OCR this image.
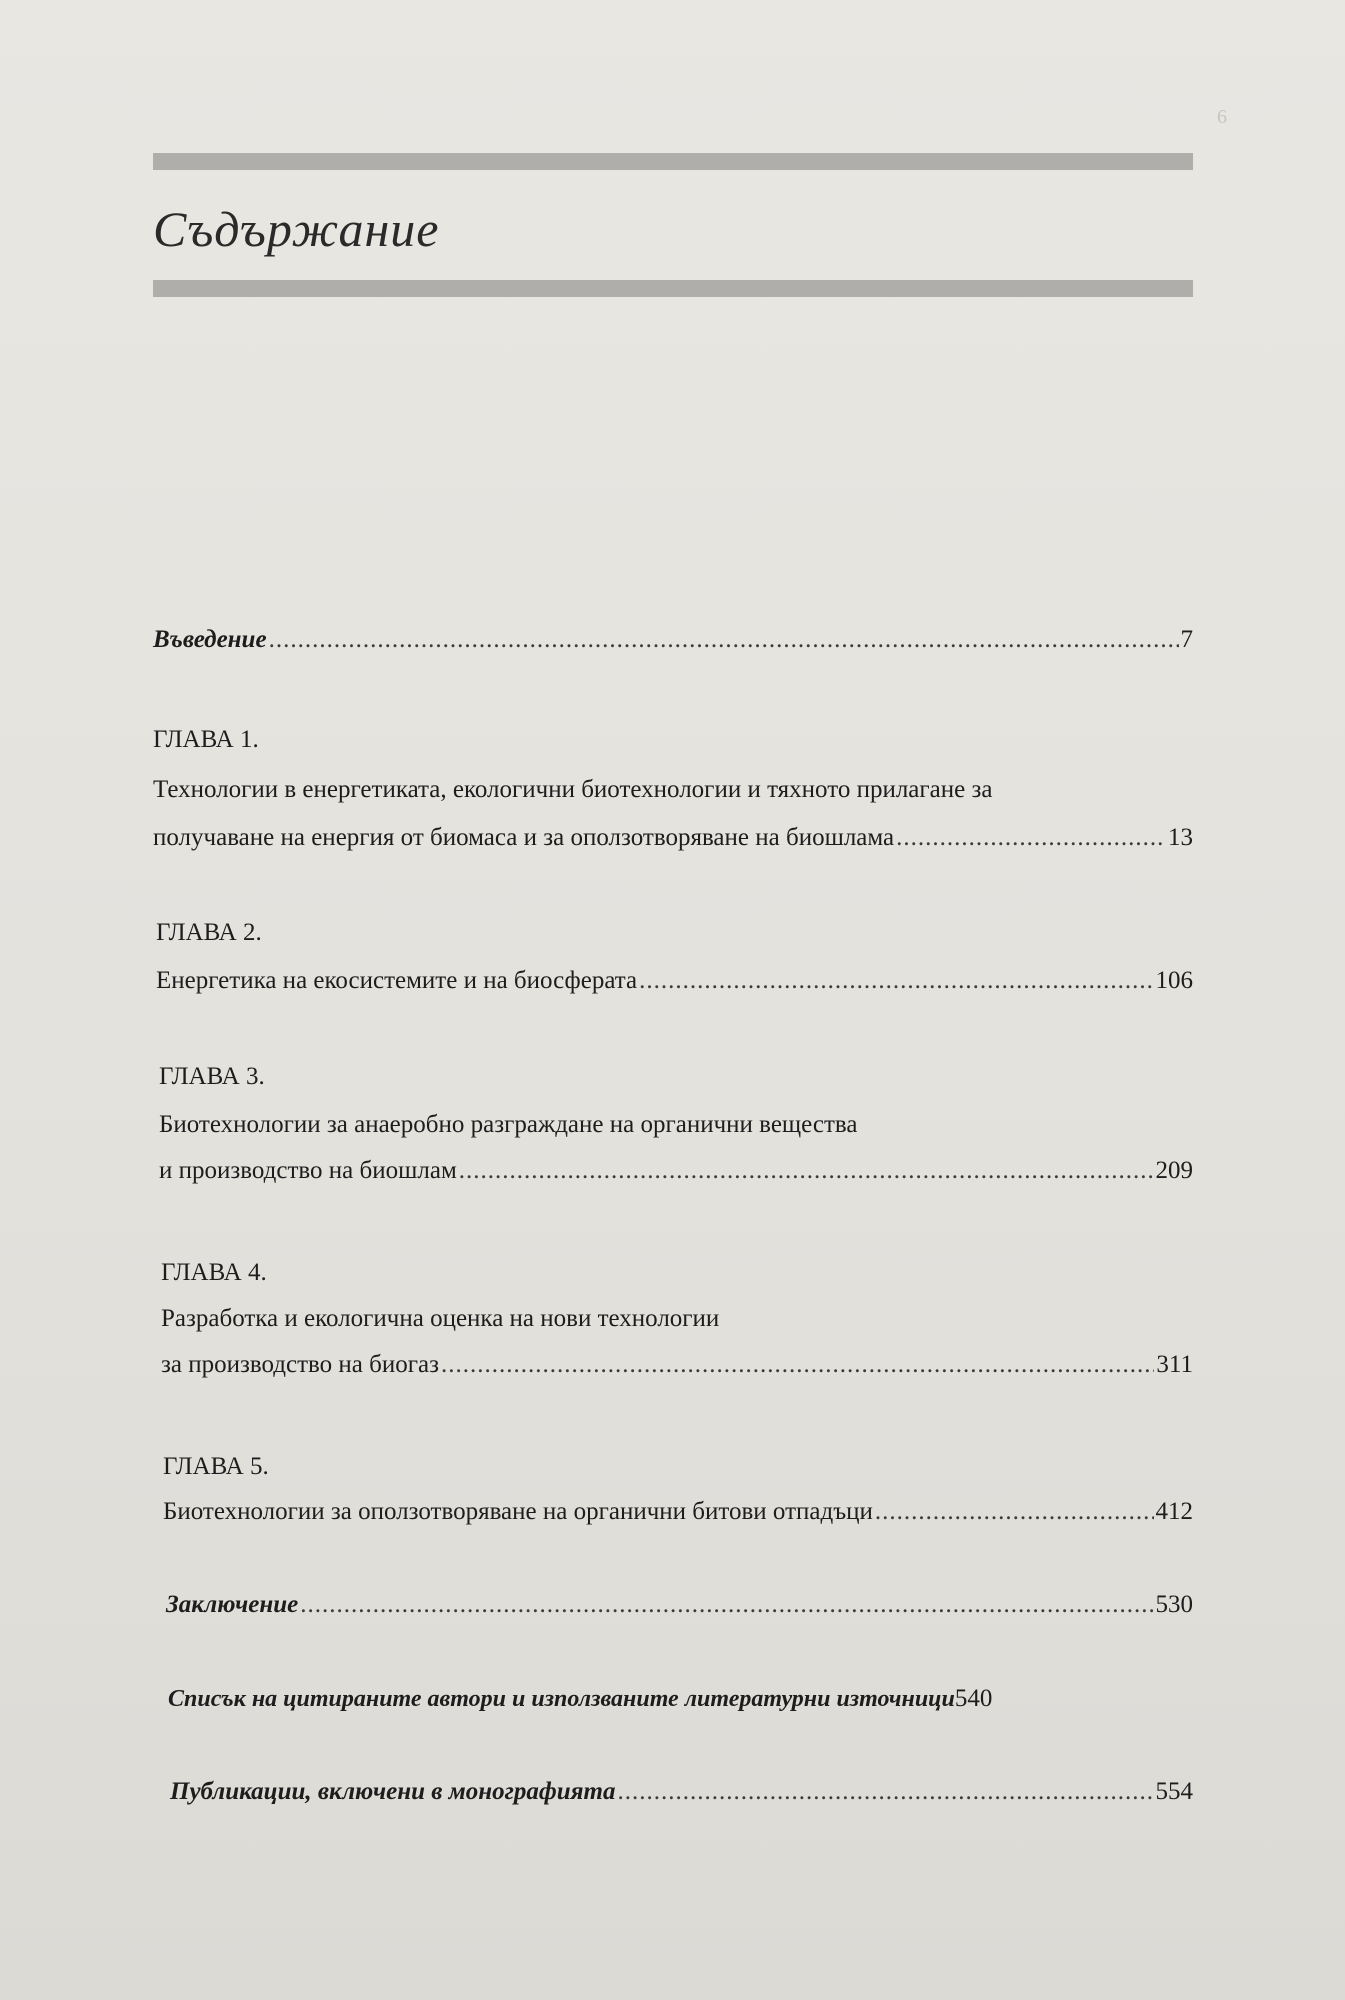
6
Съдържание
Въведение .....	7
ГЛАВА 1.
Технологии в енергетиката, екологични биотехнологии и тяхното прилагане за
получаване на енергия от биомаса и за оползотворяване на биошлама .....	13
ГЛАВА 2.
Енергетика на екосистемите и на биосферата .....	106
ГЛАВА 3.
Биотехнологии за анаеробно разграждане на органични вещества
и производство на биошлам .....	209
ГЛАВА 4.
Разработка и екологична оценка на нови технологии
за производство на биогаз .....	311
ГЛАВА 5.
Биотехнологии за оползотворяване на органични битови отпадъци .....	412
Заключение .....	530
Списък на цитираните автори и използваните литературни източници 540
Публикации, включени в монографията .....	554
